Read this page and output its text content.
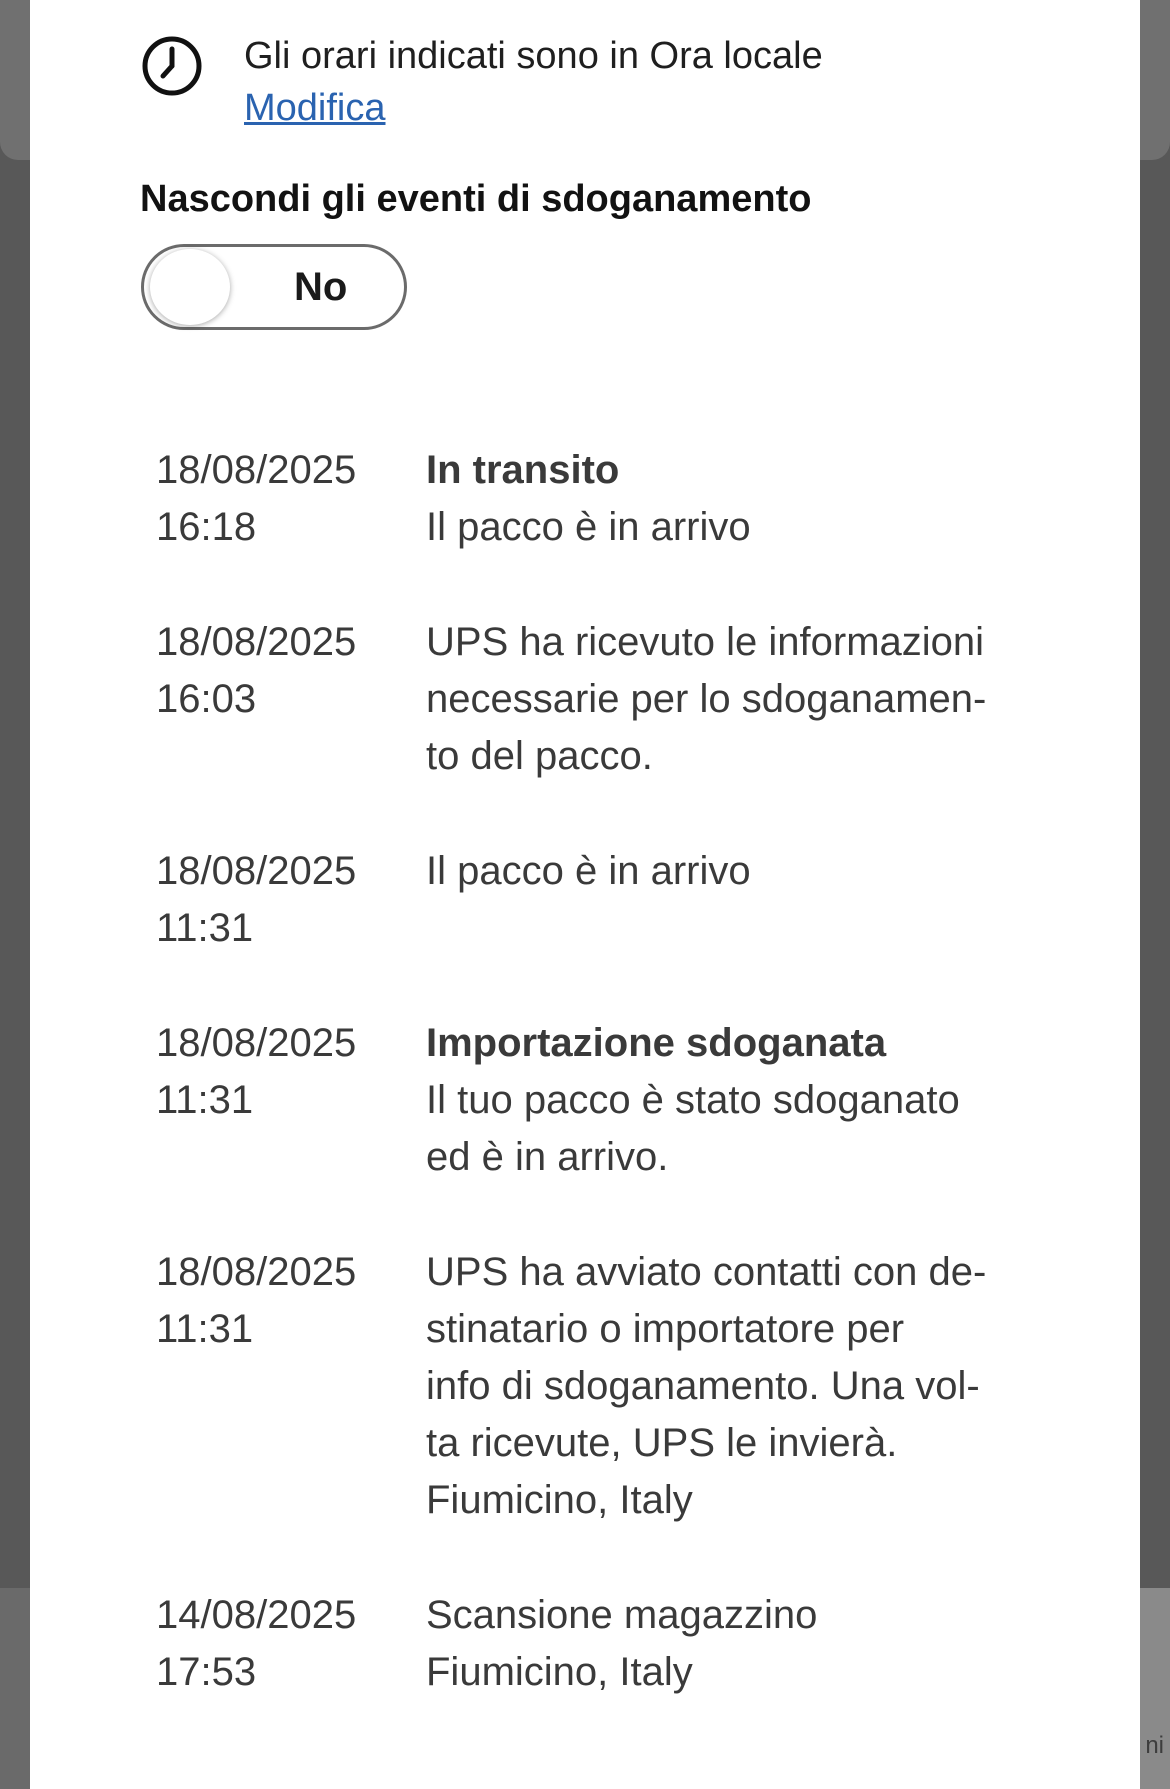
ni
Gli orari indicati sono in Ora locale
Modifica
Nascondi gli eventi di sdoganamento
No
18/08/2025
16:18
In transito
Il pacco è in arrivo
18/08/2025
16:03
UPS ha ricevuto le informazioni
necessarie per lo sdoganamen-
to del pacco.
18/08/2025
11:31
Il pacco è in arrivo
18/08/2025
11:31
Importazione sdoganata
Il tuo pacco è stato sdoganato
ed è in arrivo.
18/08/2025
11:31
UPS ha avviato contatti con de-
stinatario o importatore per
info di sdoganamento. Una vol-
ta ricevute, UPS le invierà.
Fiumicino, Italy
14/08/2025
17:53
Scansione magazzino
Fiumicino, Italy
